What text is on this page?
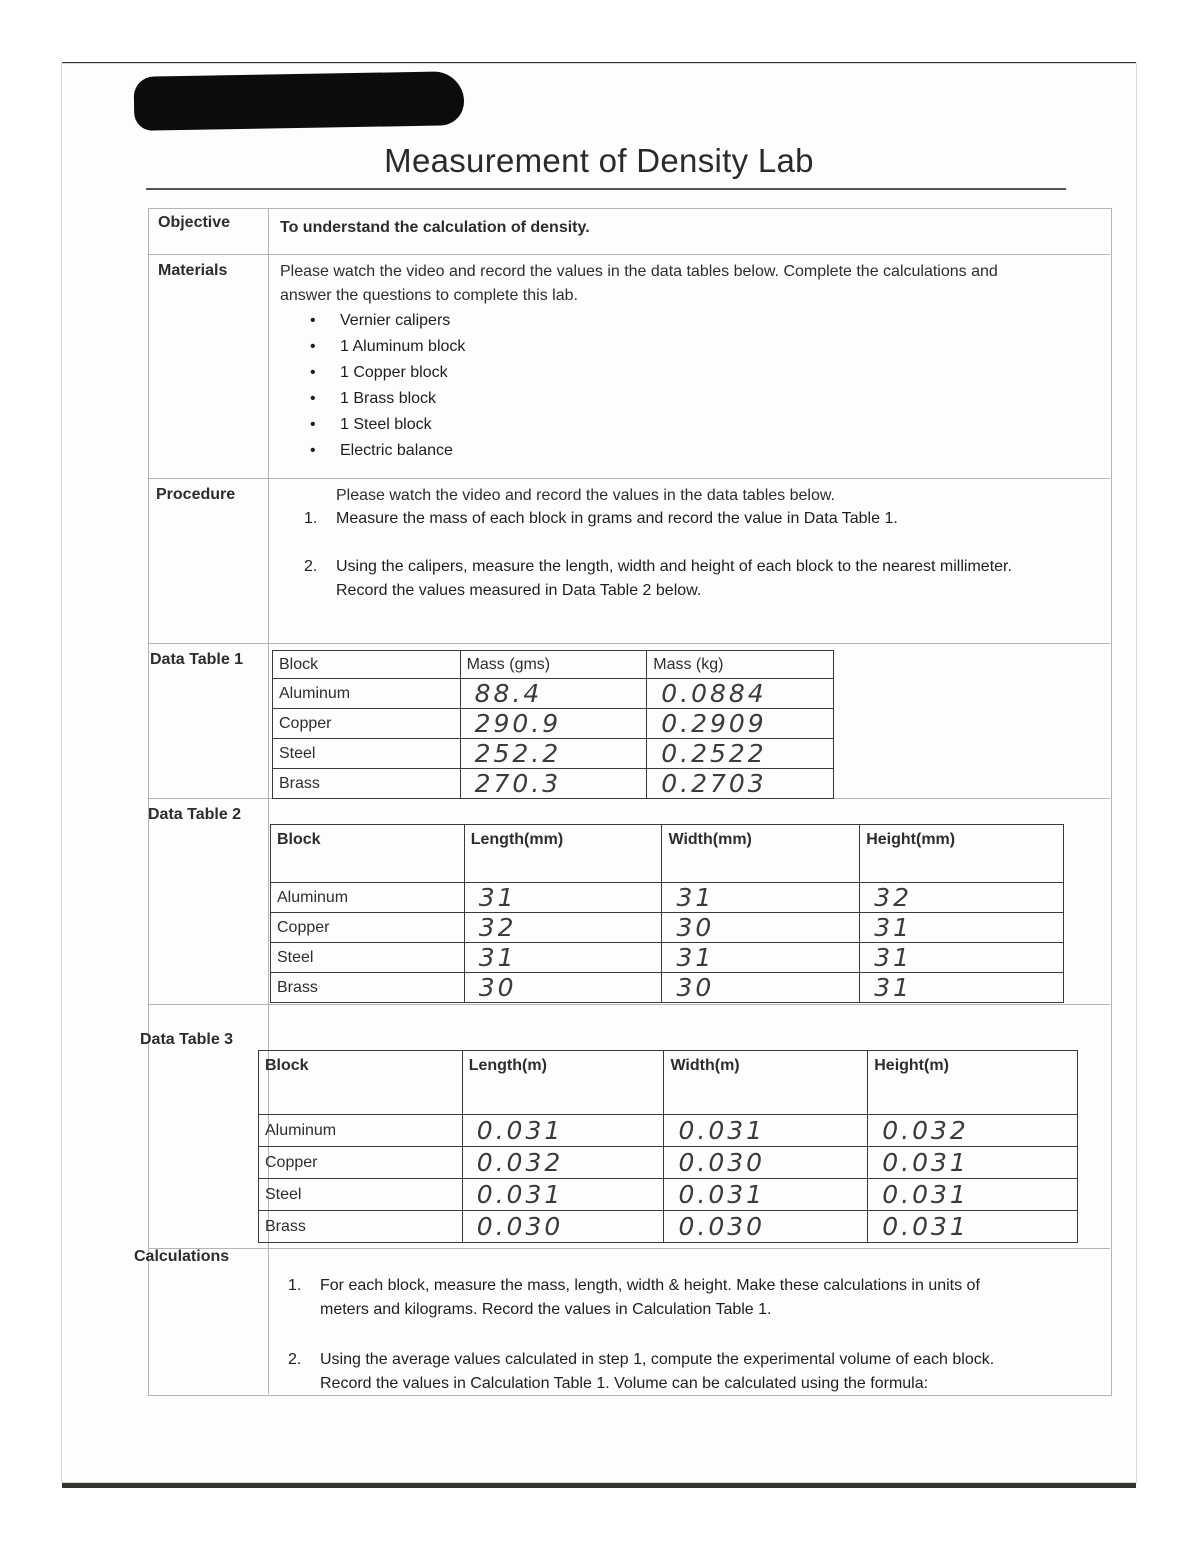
Measurement of Density Lab
Objective	To understand the calculation of density.
Materials	Please watch the video and record the values in the data tables below. Complete the calculations and
answer the questions to complete this lab.
• Vernier calipers
• 1 Aluminum block
• 1 Copper block
• 1 Brass block
• 1 Steel block
• Electric balance
Procedure	Please watch the video and record the values in the data tables below.
1. Measure the mass of each block in grams and record the value in Data Table 1.
2. Using the calipers, measure the length, width and height of each block to the nearest millimeter.
Record the values measured in Data Table 2 below.
Data Table 1 Block	Mass (gms)	Mass (kg)
Aluminum	88.4	0.0884
Copper	290.9	0.2909
Steel	252.2	0.2522
Brass	270.3	0.2703
Data Table 2
Block	Length(mm)	Width(mm)	Height(mm)
Aluminum	31	31	32
Copper	32	30	31
Steel	31	31	31
Brass	30	30	31
Data Table 3
Block	Length(m)	Width(m)	Height(m)
Aluminum	0.031	0.031	0.032
Copper	0.032	0.030	0.031
Steel	0.031	0.031	0.031
Brass	0.030	0.030	0.031
Calculations
1. For each block, measure the mass, length, width & height. Make these calculations in units of
meters and kilograms. Record the values in Calculation Table 1.
2. Using the average values calculated in step 1, compute the experimental volume of each block.
Record the values in Calculation Table 1. Volume can be calculated using the formula:
